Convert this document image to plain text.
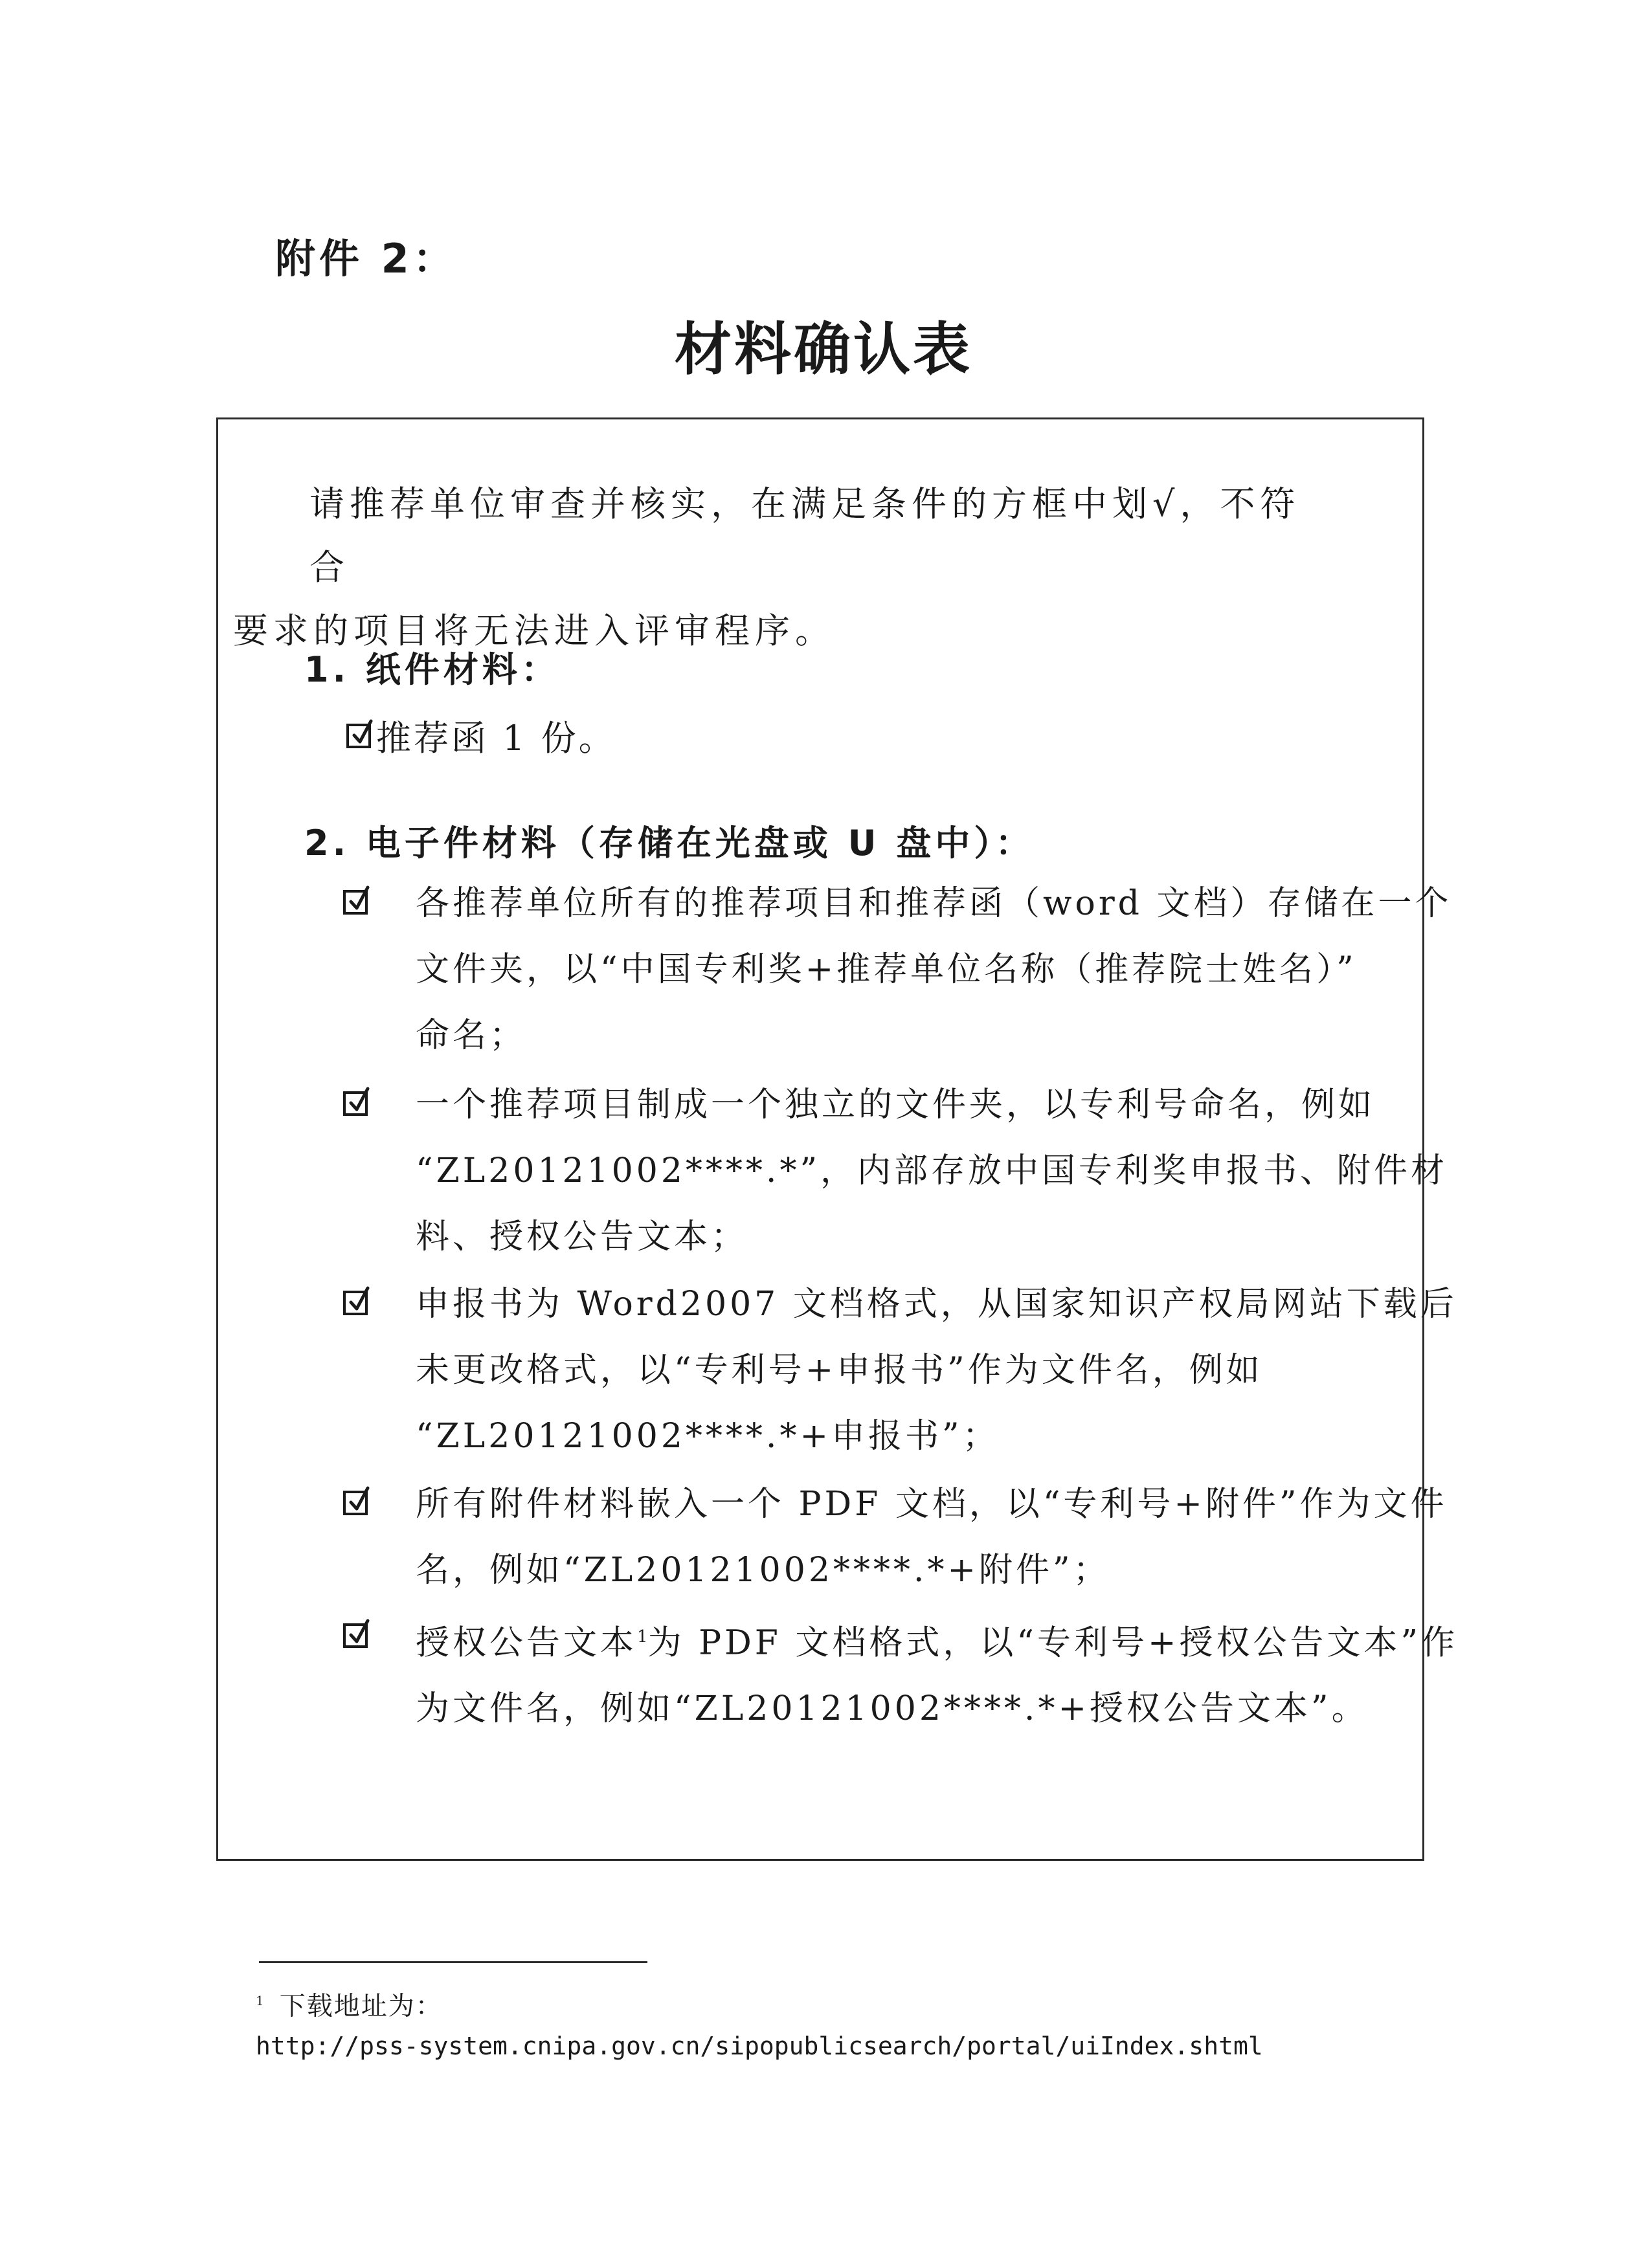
附件 2：
材料确认表
请推荐单位审查并核实，在满足条件的方框中划√，不符合
要求的项目将无法进入评审程序。
1. 纸件材料：
推荐函 1 份。
2. 电子件材料（存储在光盘或 U 盘中）：
各推荐单位所有的推荐项目和推荐函（word 文档）存储在一个
文件夹，以“中国专利奖+推荐单位名称（推荐院士姓名）”
命名；
一个推荐项目制成一个独立的文件夹，以专利号命名，例如
“ZL20121002****.*”，内部存放中国专利奖申报书、附件材
料、授权公告文本；
申报书为 Word2007 文档格式，从国家知识产权局网站下载后
未更改格式，以“专利号+申报书”作为文件名，例如
“ZL20121002****.*+申报书”；
所有附件材料嵌入一个 PDF 文档，以“专利号+附件”作为文件
名，例如“ZL20121002****.*+附件”；
授权公告文本$^1$为 PDF 文档格式，以“专利号+授权公告文本”作
为文件名，例如“ZL20121002****.*+授权公告文本”。
$^1$ 下载地址为：
http://pss-system.cnipa.gov.cn/sipopublicsearch/portal/uiIndex.shtml
